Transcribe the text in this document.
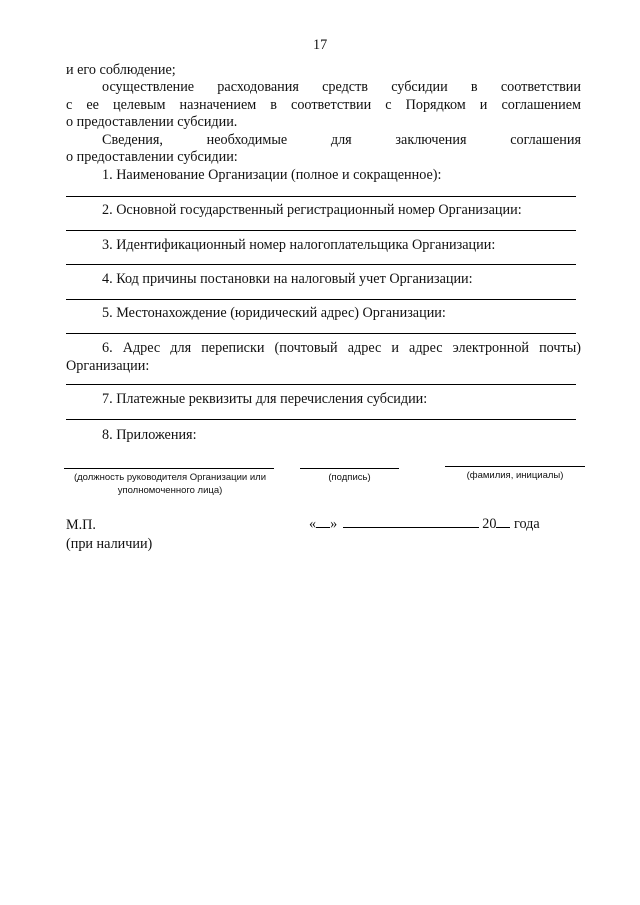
17
и его соблюдение;
осуществление расходования средств субсидии в соответствии
с ее целевым назначением в соответствии с Порядком и соглашением
о предоставлении субсидии.
Сведения, необходимые для заключения соглашения
о предоставлении субсидии:
1. Наименование Организации (полное и сокращенное):
2. Основной государственный регистрационный номер Организации:
3. Идентификационный номер налогоплательщика Организации:
4. Код причины постановки на налоговый учет Организации:
5. Местонахождение (юридический адрес) Организации:
6. Адрес для переписки (почтовый адрес и адрес электронной почты)
Организации:
7. Платежные реквизиты для перечисления субсидии:
8. Приложения:
(должность руководителя Организации или
уполномоченного лица)
(подпись)	(фамилия, инициалы)
М.П.
(при наличии)
« »	20 года
